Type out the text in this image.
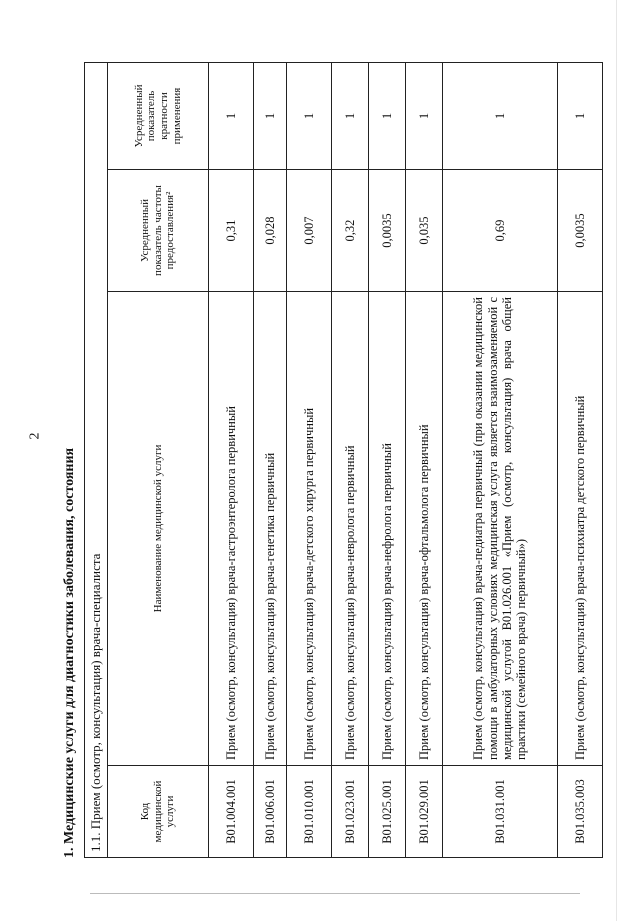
2
1. Медицинские услуги для диагностики заболевания, состояния 1.1. Прием (осмотр, консультация) врача-специалиста			
Код медицинской услуги	Наименование медицинской услуги	Усредненный показатель частоты предоставления²	Усредненный показатель кратности применения
B01.004.001	Прием (осмотр, консультация) врача-гастроэнтеролога первичный	0,31	1
B01.006.001	Прием (осмотр, консультация) врача-генетика первичный	0,028	1
B01.010.001	Прием (осмотр, консультация) врача-детского хирурга первичный	0,007	1
B01.023.001	Прием (осмотр, консультация) врача-невролога первичный	0,32	1
B01.025.001	Прием (осмотр, консультация) врача-нефролога первичный	0,0035	1
B01.029.001	Прием (осмотр, консультация) врача-офтальмолога первичный	0,035	1
B01.031.001	Прием (осмотр, консультация) врача-педиатра первичный (при оказании медицинской помощи в амбулаторных условиях медицинская услуга является взаимозаменяемой с медицинской услугой B01.026.001 «Прием (осмотр, консультация) врача общей практики (семейного врача) первичный»)	0,69	1
B01.035.003	Прием (осмотр, консультация) врача-психиатра детского первичный	0,0035	1
